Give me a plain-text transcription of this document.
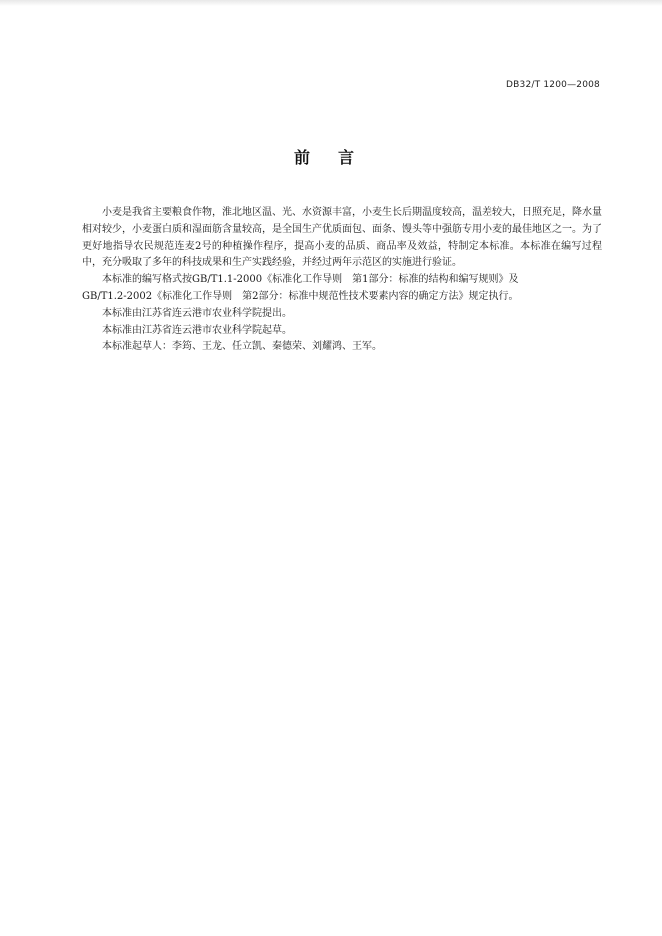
DB32/T 1200—2008
前言

小麦是我省主要粮食作物，淮北地区温、光、水资源丰富，小麦生长后期温度较高，温差较大，日照充足，降水量相对较少，小麦蛋白质和湿面筋含量较高，是全国生产优质面包、面条、馒头等中强筋专用小麦的最佳地区之一。为了更好地指导农民规范连麦2号的种植操作程序，提高小麦的品质、商品率及效益，特制定本标准。本标准在编写过程中，充分吸取了多年的科技成果和生产实践经验，并经过两年示范区的实施进行验证。

本标准的编写格式按GB/T1.1-2000《标准化工作导则　第1部分：标准的结构和编写规则》及

GB/T1.2-2002《标准化工作导则　第2部分：标准中规范性技术要素内容的确定方法》规定执行。

本标准由江苏省连云港市农业科学院提出。

本标准由江苏省连云港市农业科学院起草。

本标准起草人：李筠、王龙、任立凯、秦德荣、刘耀鸿、王军。
